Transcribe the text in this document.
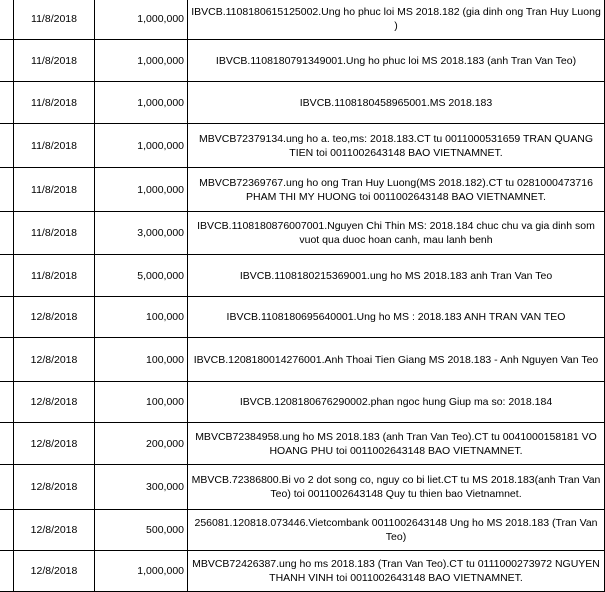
	11/8/2018	1,000,000	IBVCB.1108180615125002.Ung ho phuc loi MS 2018.182 (gia dinh ong Tran Huy Luong )
	11/8/2018	1,000,000	IBVCB.1108180791349001.Ung ho phuc loi MS 2018.183 (anh Tran Van Teo)
	11/8/2018	1,000,000	IBVCB.1108180458965001.MS 2018.183
	11/8/2018	1,000,000	MBVCB72379134.ung ho a. teo,ms: 2018.183.CT tu 0011000531659 TRAN QUANG TIEN toi 0011002643148 BAO VIETNAMNET.
	11/8/2018	1,000,000	MBVCB72369767.ung ho ong Tran Huy Luong(MS 2018.182).CT tu 0281000473716 PHAM THI MY HUONG toi 0011002643148 BAO VIETNAMNET.
	11/8/2018	3,000,000	IBVCB.1108180876007001.Nguyen Chi Thin MS: 2018.184 chuc chu va gia dinh som vuot qua duoc hoan canh, mau lanh benh
	11/8/2018	5,000,000	IBVCB.1108180215369001.ung ho MS 2018.183 anh Tran Van Teo
	12/8/2018	100,000	IBVCB.1108180695640001.Ung ho MS : 2018.183 ANH TRAN VAN TEO
	12/8/2018	100,000	IBVCB.1208180014276001.Anh Thoai Tien Giang MS 2018.183 - Anh Nguyen Van Teo
	12/8/2018	100,000	IBVCB.1208180676290002.phan ngoc hung Giup ma so: 2018.184
	12/8/2018	200,000	MBVCB72384958.ung ho MS 2018.183 (anh Tran Van Teo).CT tu 0041000158181 VO HOANG PHU toi 0011002643148 BAO VIETNAMNET.
	12/8/2018	300,000	MBVCB.72386800.Bi vo 2 dot song co, nguy co bi liet.CT tu MS 2018.183(anh Tran Van Teo) toi 0011002643148 Quy tu thien bao Vietnamnet.
	12/8/2018	500,000	256081.120818.073446.Vietcombank 0011002643148 Ung ho MS 2018.183 (Tran Van Teo)
	12/8/2018	1,000,000	MBVCB72426387.ung ho ms 2018.183 (Tran Van Teo).CT tu 0111000273972 NGUYEN THANH VINH toi 0011002643148 BAO VIETNAMNET.
